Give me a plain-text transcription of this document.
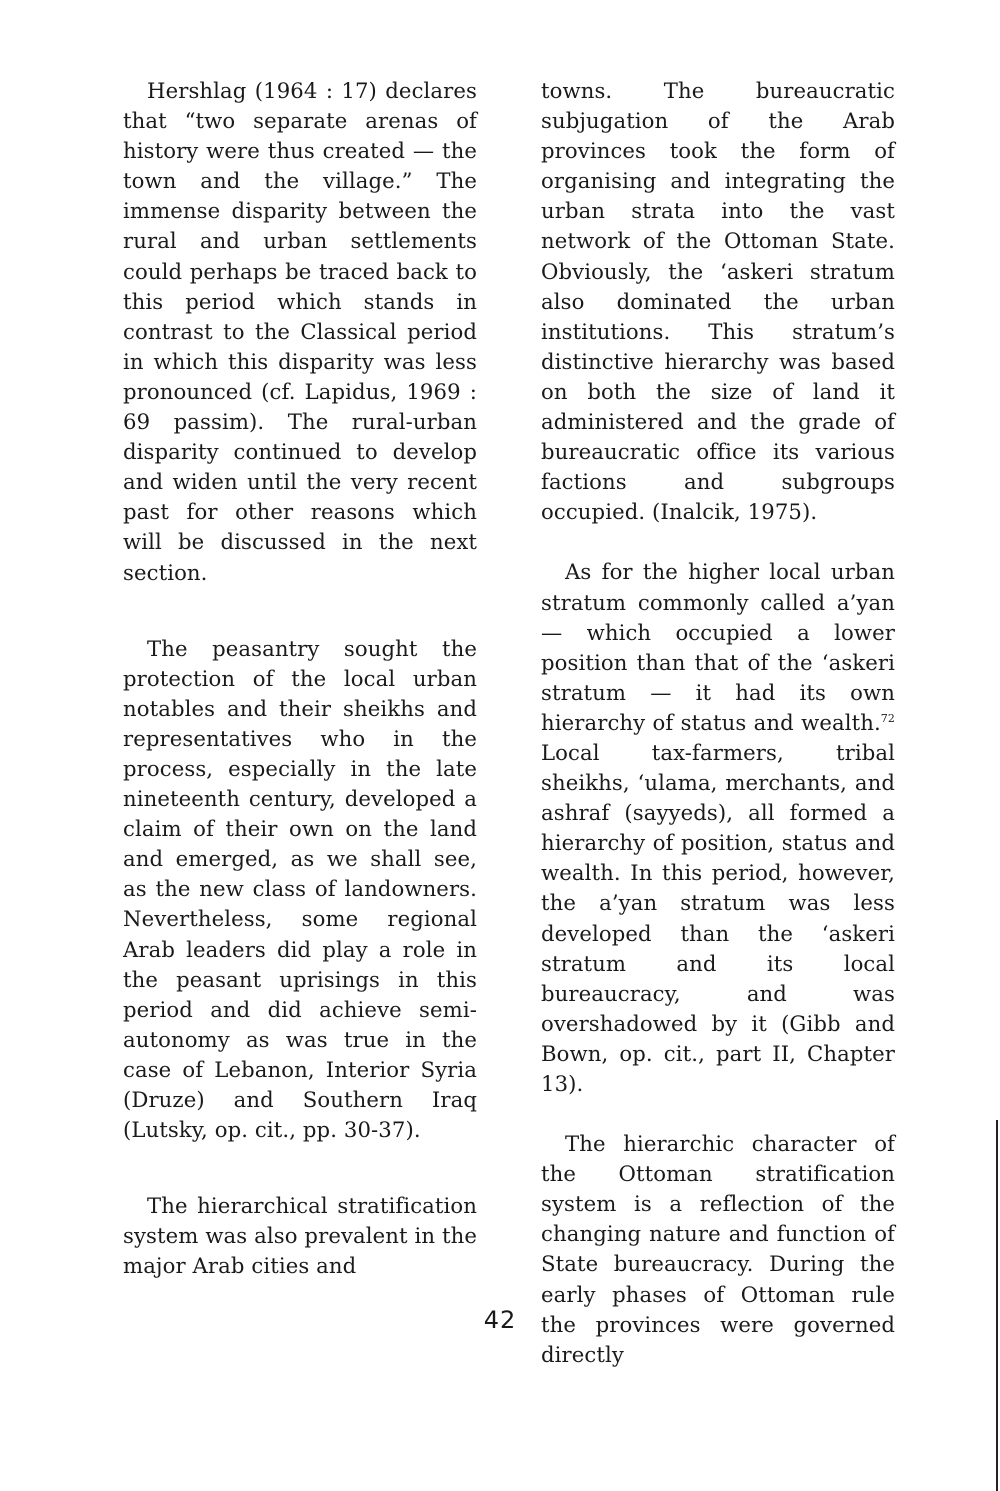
Hershlag (1964 : 17) declares that “two separate arenas of history were thus created — the town and the village.” The immense disparity between the rural and urban settlements could perhaps be traced back to this period which stands in contrast to the Classical period in which this disparity was less pronounced (cf. Lapidus, 1969 : 69 passim). The rural-urban disparity continued to develop and widen until the very recent past for other reasons which will be discussed in the next section.

The peasantry sought the protection of the local urban notables and their sheikhs and representatives who in the process, especially in the late nineteenth century, developed a claim of their own on the land and emerged, as we shall see, as the new class of landowners. Nevertheless, some regional Arab leaders did play a role in the peasant uprisings in this period and did achieve semi-autonomy as was true in the case of Lebanon, Interior Syria (Druze) and Southern Iraq (Lutsky, op. cit., pp. 30-37).

The hierarchical stratification system was also prevalent in the major Arab cities and

towns. The bureaucratic subjugation of the Arab provinces took the form of organising and integrating the urban strata into the vast network of the Ottoman State. Obviously, the ‘askeri stratum also dominated the urban institutions. This stratum’s distinctive hierarchy was based on both the size of land it administered and the grade of bureaucratic office its various factions and subgroups occupied. (Inalcik, 1975).

As for the higher local urban stratum commonly called a’yan — which occupied a lower position than that of the ‘askeri stratum — it had its own hierarchy of status and wealth.$^{72}$ Local tax-farmers, tribal sheikhs, ‘ulama, merchants, and ashraf (sayyeds), all formed a hierarchy of position, status and wealth. In this period, however, the a’yan stratum was less developed than the ‘askeri stratum and its local bureaucracy, and was overshadowed by it (Gibb and Bown, op. cit., part II, Chapter 13).

The hierarchic character of the Ottoman stratification system is a reflection of the changing nature and function of State bureaucracy. During the early phases of Ottoman rule the provinces were governed directly

42
